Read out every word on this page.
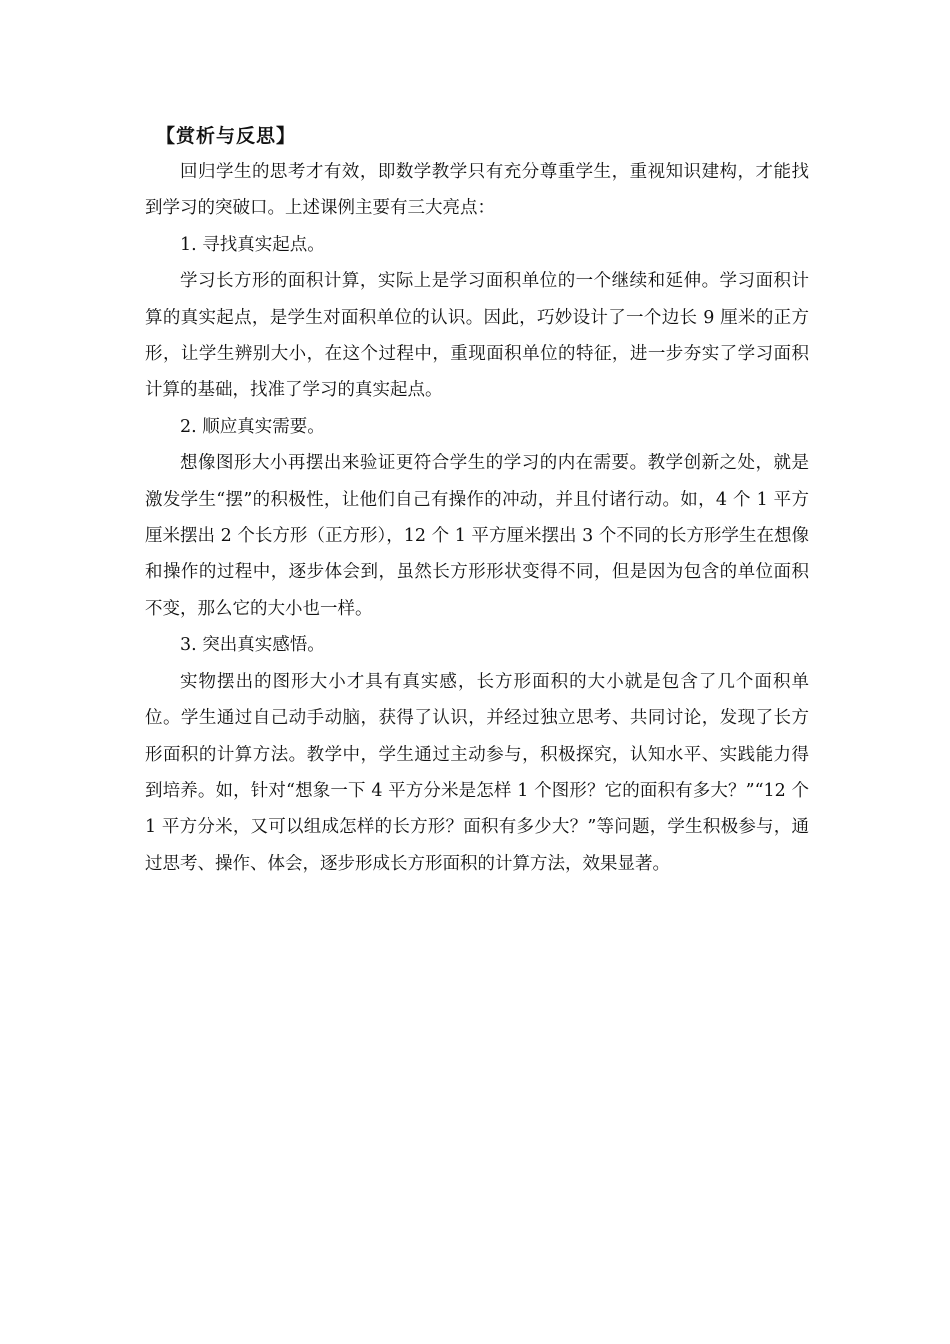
【赏析与反思】

回归学生的思考才有效，即数学教学只有充分尊重学生，重视知识建构，才能找到学习的突破口。上述课例主要有三大亮点：

1. 寻找真实起点。

学习长方形的面积计算，实际上是学习面积单位的一个继续和延伸。学习面积计算的真实起点，是学生对面积单位的认识。因此，巧妙设计了一个边长 9 厘米的正方形，让学生辨别大小，在这个过程中，重现面积单位的特征，进一步夯实了学习面积计算的基础，找准了学习的真实起点。

2. 顺应真实需要。

想像图形大小再摆出来验证更符合学生的学习的内在需要。教学创新之处，就是激发学生“摆”的积极性，让他们自己有操作的冲动，并且付诸行动。如，4 个 1 平方厘米摆出 2 个长方形（正方形），12 个 1 平方厘米摆出 3 个不同的长方形学生在想像和操作的过程中，逐步体会到，虽然长方形形状变得不同，但是因为包含的单位面积不变，那么它的大小也一样。

3. 突出真实感悟。

实物摆出的图形大小才具有真实感，长方形面积的大小就是包含了几个面积单位。学生通过自己动手动脑，获得了认识，并经过独立思考、共同讨论，发现了长方形面积的计算方法。教学中，学生通过主动参与，积极探究，认知水平、实践能力得到培养。如，针对“想象一下 4 平方分米是怎样 1 个图形？它的面积有多大？”“12 个 1 平方分米，又可以组成怎样的长方形？面积有多少大？”等问题，学生积极参与，通过思考、操作、体会，逐步形成长方形面积的计算方法，效果显著。
